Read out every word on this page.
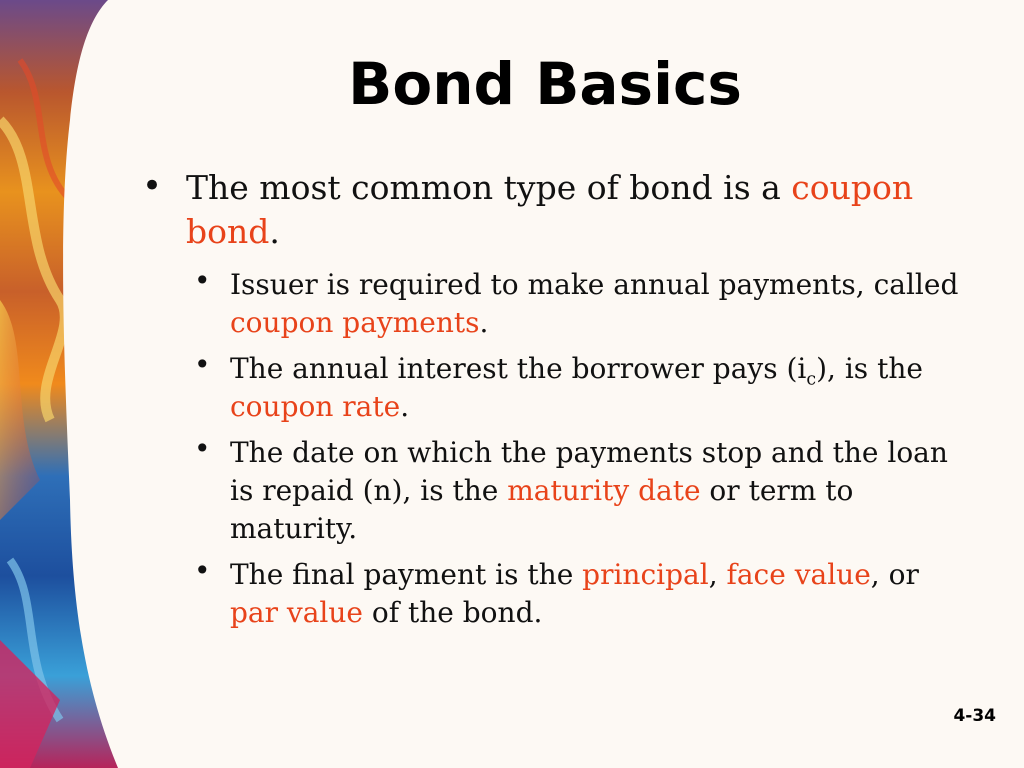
Bond Basics
• The most common type of bond is a coupon bond.
• Issuer is required to make annual payments, called coupon payments.
• The annual interest the borrower pays $(i_c)$, is the coupon rate.
• The date on which the payments stop and the loan is repaid (n), is the maturity date or term to maturity.
• The final payment is the principal, face value, or par value of the bond.
4-34
